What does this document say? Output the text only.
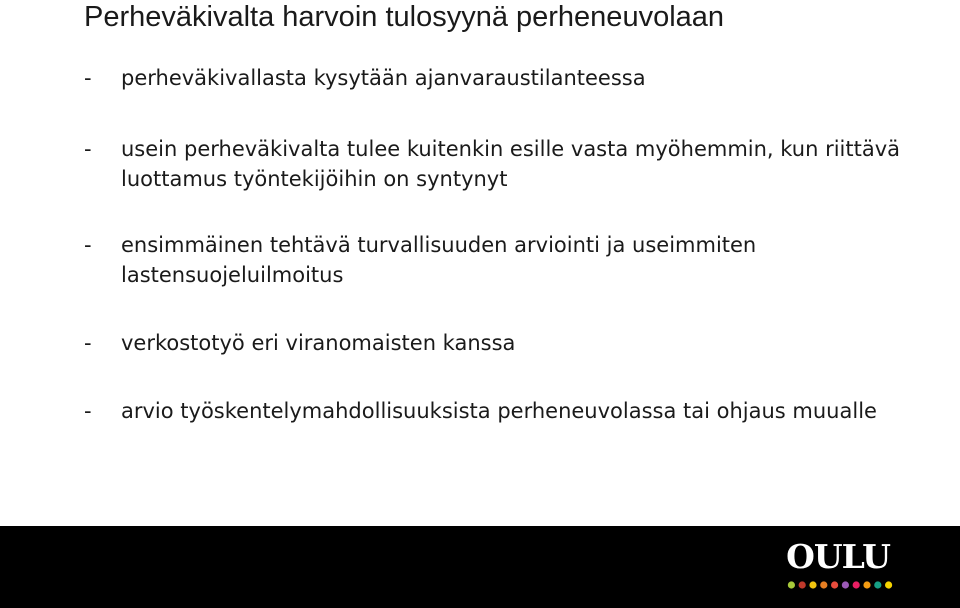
Perheväkivalta harvoin tulosyynä perheneuvolaan
- perheväkivallasta kysytään ajanvaraustilanteessa
- usein perheväkivalta tulee kuitenkin esille vasta myöhemmin, kun riittävä luottamus työntekijöihin on syntynyt
- ensimmäinen tehtävä turvallisuuden arviointi ja useimmiten lastensuojeluilmoitus
- verkostotyö eri viranomaisten kanssa
- arvio työskentelymahdollisuuksista perheneuvolassa tai ohjaus muualle
OULU
